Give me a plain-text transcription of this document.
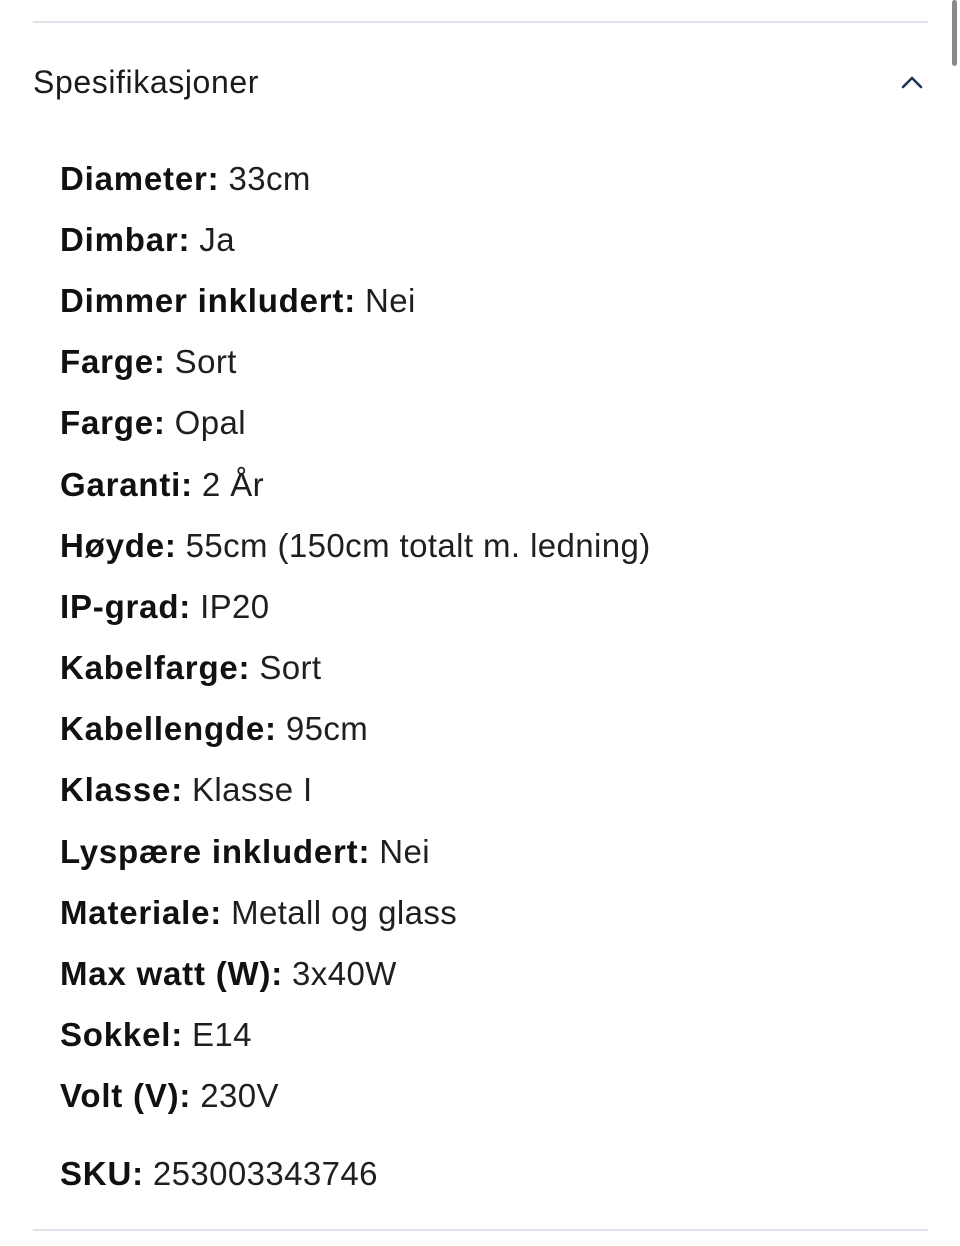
Spesifikasjoner
Diameter: 33cm
Dimbar: Ja
Dimmer inkludert: Nei
Farge: Sort
Farge: Opal
Garanti: 2 År
Høyde: 55cm (150cm totalt m. ledning)
IP-grad: IP20
Kabelfarge: Sort
Kabellengde: 95cm
Klasse: Klasse I
Lyspære inkludert: Nei
Materiale: Metall og glass
Max watt (W): 3x40W
Sokkel: E14
Volt (V): 230V
SKU: 253003343746
